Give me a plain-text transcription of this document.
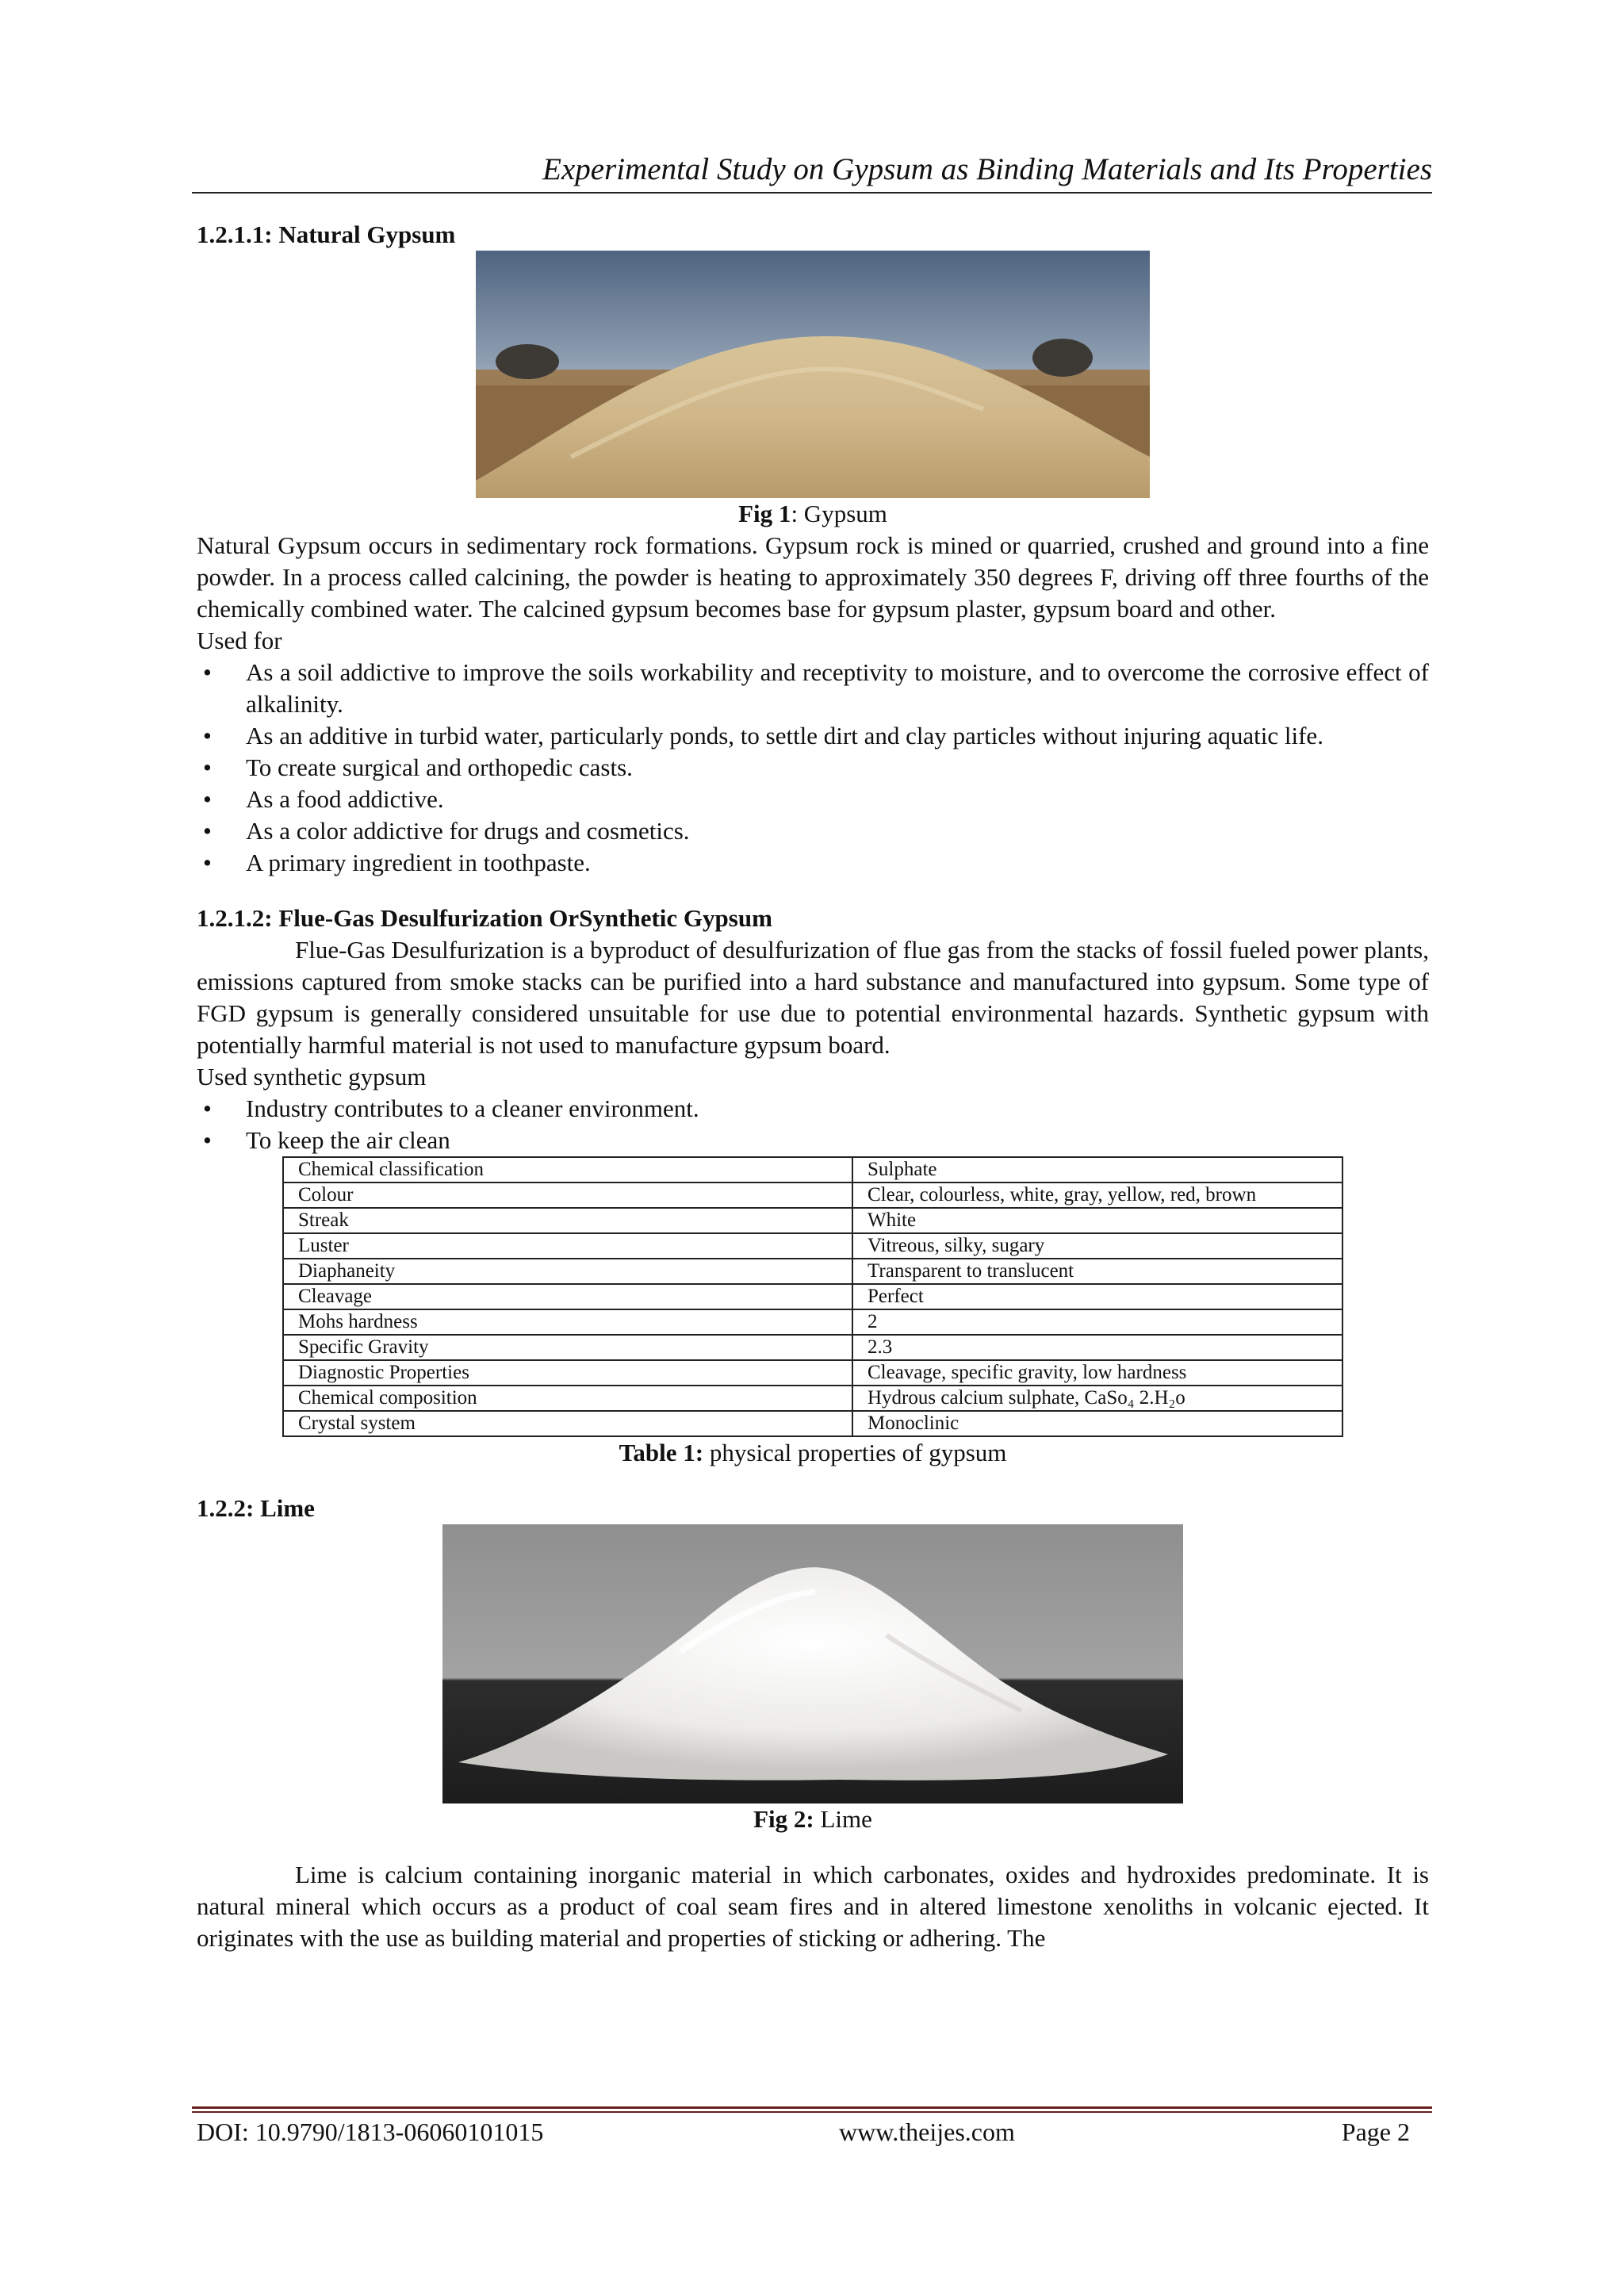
Experimental Study on Gypsum as Binding Materials and Its Properties
1.2.1.1: Natural Gypsum
Fig 1: Gypsum

Natural Gypsum occurs in sedimentary rock formations. Gypsum rock is mined or quarried, crushed and ground into a fine powder. In a process called calcining, the powder is heating to approximately 350 degrees F, driving off three fourths of the chemically combined water. The calcined gypsum becomes base for gypsum plaster, gypsum board and other.

Used for

• As a soil addictive to improve the soils workability and receptivity to moisture, and to overcome the corrosive effect of alkalinity.
• As an additive in turbid water, particularly ponds, to settle dirt and clay particles without injuring aquatic life.
• To create surgical and orthopedic casts.
• As a food addictive.
• As a color addictive for drugs and cosmetics.
• A primary ingredient in toothpaste.
1.2.1.2: Flue-Gas Desulfurization OrSynthetic Gypsum

Flue-Gas Desulfurization is a byproduct of desulfurization of flue gas from the stacks of fossil fueled power plants, emissions captured from smoke stacks can be purified into a hard substance and manufactured into gypsum. Some type of FGD gypsum is generally considered unsuitable for use due to potential environmental hazards. Synthetic gypsum with potentially harmful material is not used to manufacture gypsum board.

Used synthetic gypsum

• Industry contributes to a cleaner environment.
• To keep the air clean
Chemical classification	Sulphate
Colour	Clear, colourless, white, gray, yellow, red, brown
Streak	White
Luster	Vitreous, silky, sugary
Diaphaneity	Transparent to translucent
Cleavage	Perfect
Mohs hardness	2
Specific Gravity	2.3
Diagnostic Properties	Cleavage, specific gravity, low hardness
Chemical composition	Hydrous calcium sulphate, CaSo₄ 2.H₂o
Crystal system	Monoclinic
Table 1: physical properties of gypsum
1.2.2: Lime
Fig 2: Lime

Lime is calcium containing inorganic material in which carbonates, oxides and hydroxides predominate. It is natural mineral which occurs as a product of coal seam fires and in altered limestone xenoliths in volcanic ejected. It originates with the use as building material and properties of sticking or adhering. The

DOI: 10.9790/1813-06060101015	www.theijes.com	Page 2
